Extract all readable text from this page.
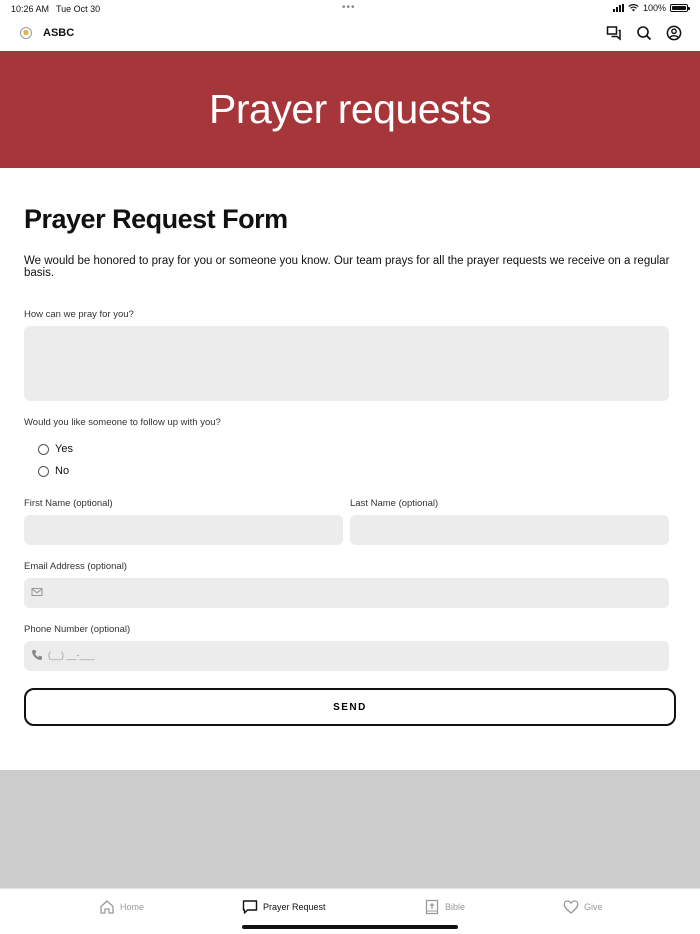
10:26 AM Tue Oct 30	•••	100%
ASBC
Prayer requests
Prayer Request Form

We would be honored to pray for you or someone you know. Our team prays for all the prayer requests we receive on a regular basis.

How can we pray for you?
Would you like someone to follow up with you?
Yes
No
First Name (optional)	Last Name (optional)
Email Address (optional)
Phone Number (optional)
(__) __-___
SEND
Home	Prayer Request	Bible	Give
